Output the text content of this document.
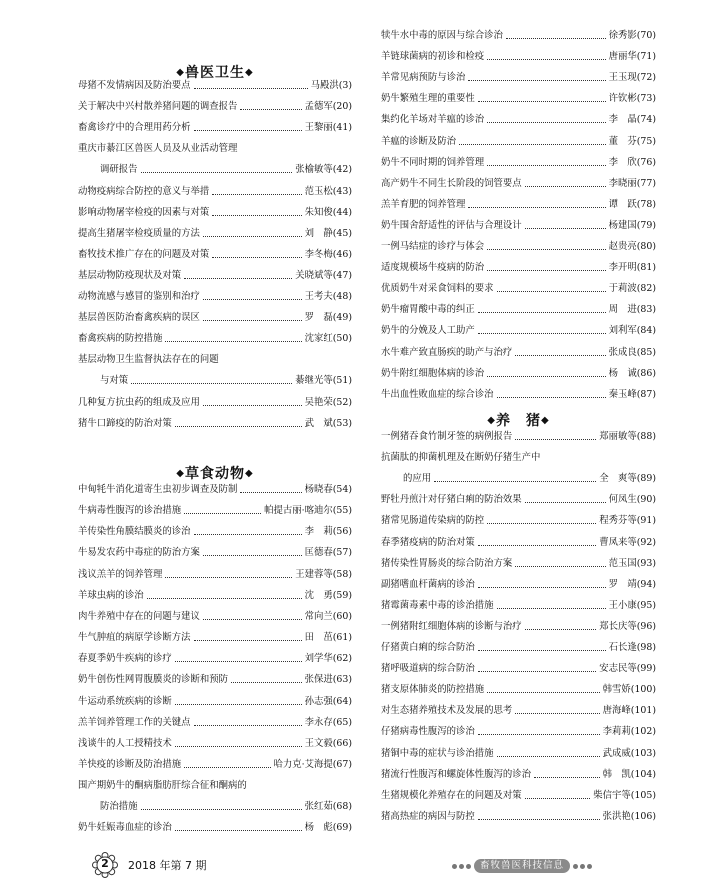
◆兽医卫生◆
母猪不发情病因及防治要点	马殿洪 (3)
关于解决中兴村散养猪问题的调查报告	孟德军 (20)
畜禽诊疗中的合理用药分析	王黎丽 (41)
重庆市綦江区兽医人员及从业活动管理
调研报告	张榆敏等 (42)
动物疫病综合防控的意义与举措	范玉松 (43)
影响动物屠宰检疫的因素与对策	朱知俊 (44)
提高生猪屠宰检疫质量的方法	刘　静 (45)
畜牧技术推广存在的问题及对策	李冬梅 (46)
基层动物防疫现状及对策	关晓斌等 (47)
动物流感与感冒的鉴别和治疗	王考夫 (48)
基层兽医防治畜禽疾病的误区	罗　磊 (49)
畜禽疾病的防控措施	沈家红 (50)
基层动物卫生监督执法存在的问题
与对策	綦继光等 (51)
几种复方抗虫药的组成及应用	吴艳荣 (52)
猪牛口蹄疫的防治对策	武　斌 (53)
◆草食动物◆
中甸牦牛消化道寄生虫初步调查及防制	杨晓春 (54)
牛病毒性腹泻的诊治措施	帕提古丽·喀迪尔 (55)
羊传染性角膜结膜炎的诊治	李　莉 (56)
牛易发农药中毒症的防治方案	匡德春 (57)
浅议羔羊的饲养管理	王建蓉等 (58)
羊球虫病的诊治	沈　勇 (59)
肉牛养殖中存在的问题与建议	常向兰 (60)
牛气肿疽的病原学诊断方法	田　茁 (61)
春夏季奶牛疾病的诊疗	刘学华 (62)
奶牛创伤性网胃腹膜炎的诊断和预防	张保进 (63)
牛运动系统疾病的诊断	孙志强 (64)
羔羊饲养管理工作的关键点	李永存 (65)
浅谈牛的人工授精技术	王文毅 (66)
羊快疫的诊断及防治措施	哈力克·艾海提 (67)
围产期奶牛的酮病脂肪肝综合征和酮病的
防治措施	张红茹 (68)
奶牛妊娠毒血症的诊治	杨　彪 (69)
犊牛水中毒的原因与综合诊治	徐秀影 (70)
羊链球菌病的初诊和检疫	唐丽华 (71)
羊常见病预防与诊治	王玉现 (72)
奶牛繁殖生理的重要性	许钦彬 (73)
集约化羊场对羊瘟的诊治	李　晶 (74)
羊瘟的诊断及防治	董　芬 (75)
奶牛不同时期的饲养管理	李　欣 (76)
高产奶牛不同生长阶段的饲管要点	李晓丽 (77)
羔羊育肥的饲养管理	谭　跃 (78)
奶牛围舍舒适性的评估与合理设计	杨建国 (79)
一例马结症的诊疗与体会	赵贵亮 (80)
适度规模场牛疫病的防治	李开明 (81)
优质奶牛对采食饲料的要求	于莉波 (82)
奶牛瘤胃酸中毒的纠正	周　进 (83)
奶牛的分娩及人工助产	刘利军 (84)
水牛难产致直肠疾的助产与治疗	张成良 (85)
奶牛附红细胞体病的诊治	杨　诚 (86)
牛出血性败血症的综合诊治	秦玉峰 (87)
◆养　猪◆
一例猪吞食竹制牙签的病例报告	郑丽敏等 (88)
抗菌肽的抑菌机理及在断奶仔猪生产中
的应用	全　爽等 (89)
野牡丹煎汁对仔猪白痢的防治效果	何凤生 (90)
猪常见肠道传染病的防控	程秀芬等 (91)
春季猪疫病的防治对策	曹凤来等 (92)
猪传染性胃肠炎的综合防治方案	范玉国 (93)
副猪嗜血杆菌病的诊治	罗　靖 (94)
猪霉菌毒素中毒的诊治措施	王小康 (95)
一例猪附红细胞体病的诊断与治疗	郑长庆等 (96)
仔猪黄白痢的综合防治	石长逢 (98)
猪呼吸道病的综合防治	安志民等 (99)
猪支原体肺炎的防控措施	韩雪娇 (100)
对生态猪养殖技术及发展的思考	唐海峰 (101)
仔猪病毒性腹泻的诊治	李莉莉 (102)
猪铜中毒的症状与诊治措施	武成威 (103)
猪流行性腹泻和螺旋体性腹泻的诊治	韩　凯 (104)
生猪规模化养殖存在的问题及对策	柴信宇等 (105)
猪高热症的病因与防控	张洪艳 (106)
2	2018 年第 7 期	畜牧兽医科技信息
